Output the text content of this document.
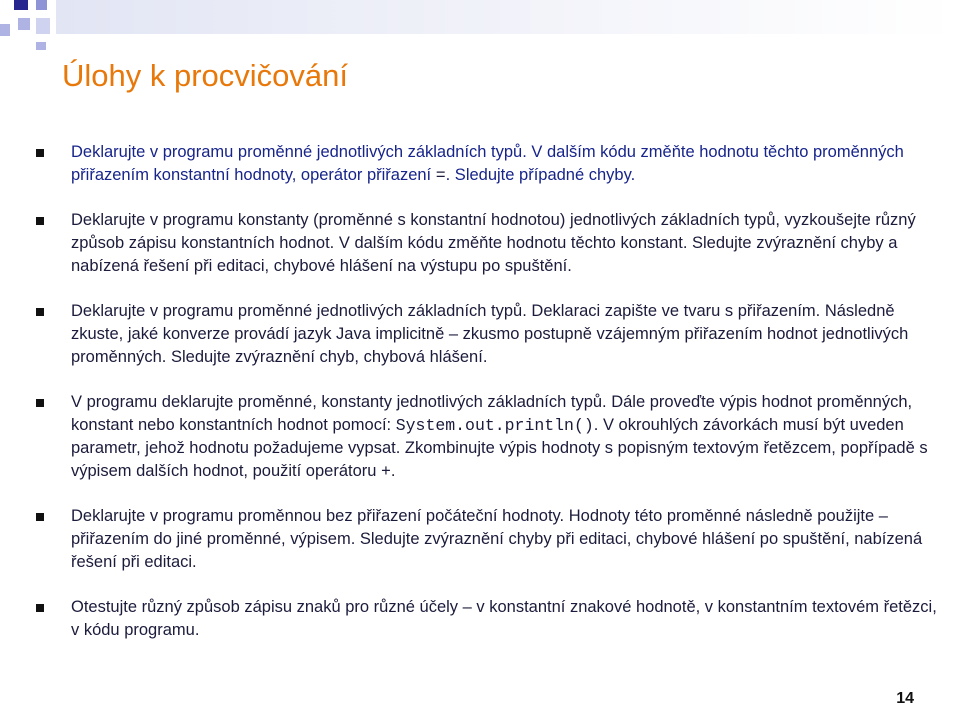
Úlohy k procvičování
Deklarujte v programu proměnné jednotlivých základních typů. V dalším kódu změňte hodnotu těchto proměnných přiřazením konstantní hodnoty, operátor přiřazení =. Sledujte případné chyby.
Deklarujte v programu konstanty (proměnné s konstantní hodnotou) jednotlivých základních typů, vyzkoušejte různý způsob zápisu konstantních hodnot. V dalším kódu změňte hodnotu těchto konstant. Sledujte zvýraznění chyby a nabízená řešení při editaci, chybové hlášení na výstupu po spuštění.
Deklarujte v programu proměnné jednotlivých základních typů. Deklaraci zapište ve tvaru s přiřazením. Následně zkuste, jaké konverze provádí jazyk Java implicitně – zkusmo postupně vzájemným přiřazením hodnot jednotlivých proměnných. Sledujte zvýraznění chyb, chybová hlášení.
V programu deklarujte proměnné, konstanty jednotlivých základních typů. Dále proveďte výpis hodnot proměnných, konstant nebo konstantních hodnot pomocí: System.out.println(). V okrouhlých závorkách musí být uveden parametr, jehož hodnotu požadujeme vypsat. Zkombinujte výpis hodnoty s popisným textovým řetězcem, popřípadě s výpisem dalších hodnot, použití operátoru +.
Deklarujte v programu proměnnou bez přiřazení počáteční hodnoty. Hodnoty této proměnné následně použijte – přiřazením do jiné proměnné, výpisem. Sledujte zvýraznění chyby při editaci, chybové hlášení po spuštění, nabízená řešení při editaci.
Otestujte různý způsob zápisu znaků pro různé účely – v konstantní znakové hodnotě, v konstantním textovém řetězci, v kódu programu.
14
